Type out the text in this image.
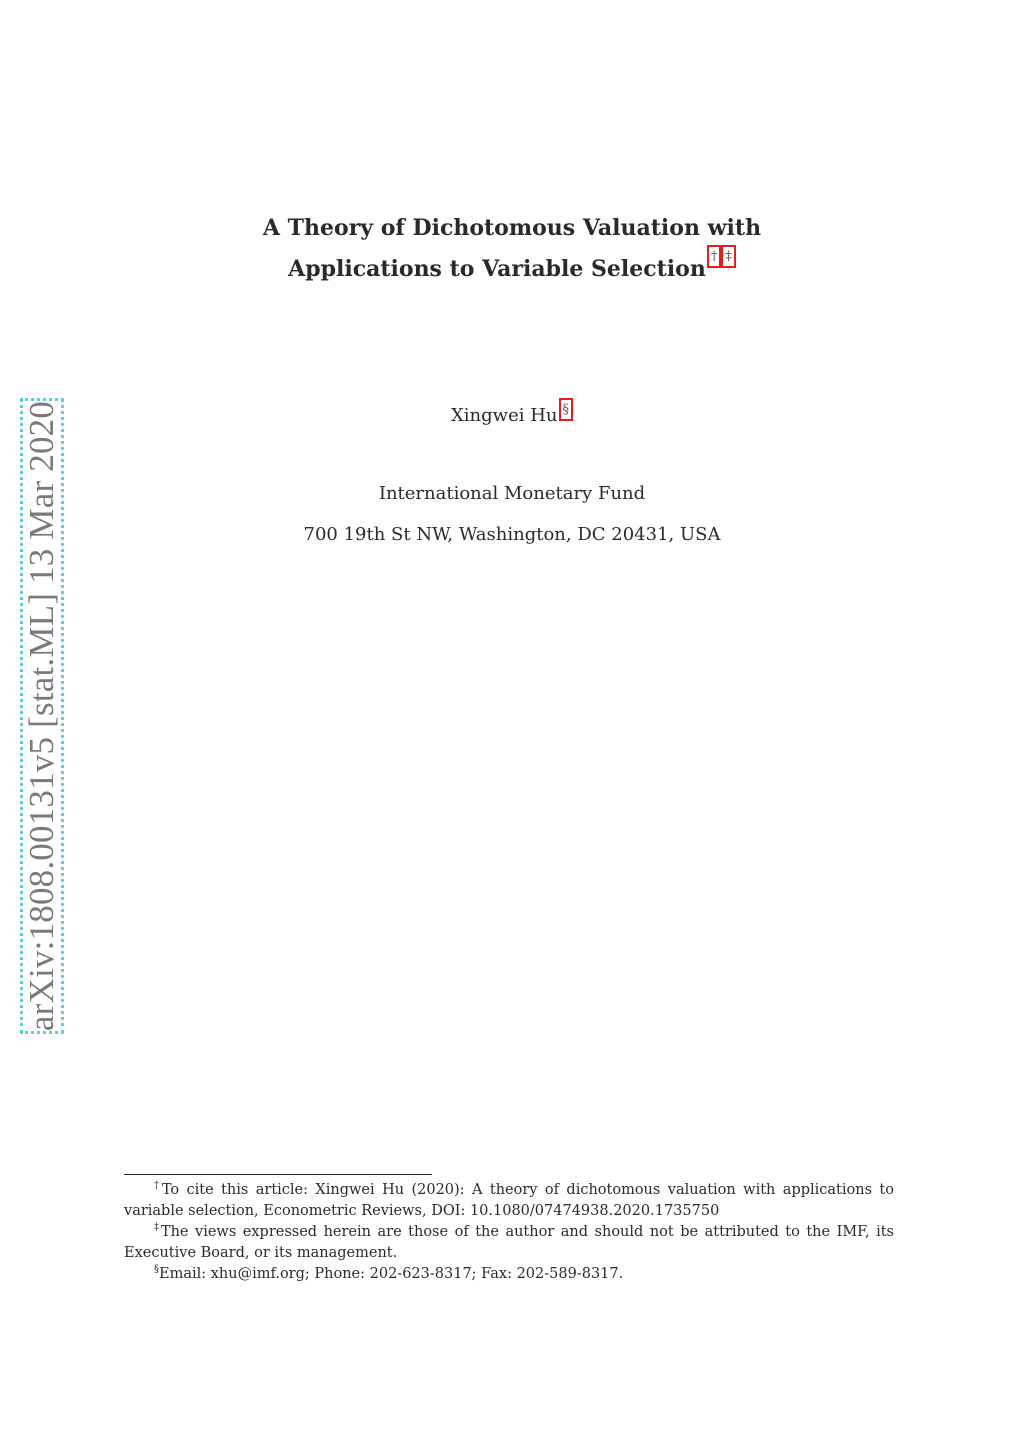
A Theory of Dichotomous Valuation with
Applications to Variable Selection † ‡
Xingwei Hu §
International Monetary Fund
700 19th St NW, Washington, DC 20431, USA
arXiv:1808.00131v5 [stat.ML] 13 Mar 2020

†To cite this article: Xingwei Hu (2020): A theory of dichotomous valuation with applications to variable selection, Econometric Reviews, DOI: 10.1080/07474938.2020.1735750

‡The views expressed herein are those of the author and should not be attributed to the IMF, its Executive Board, or its management.

§Email: xhu@imf.org; Phone: 202-623-8317; Fax: 202-589-8317.
